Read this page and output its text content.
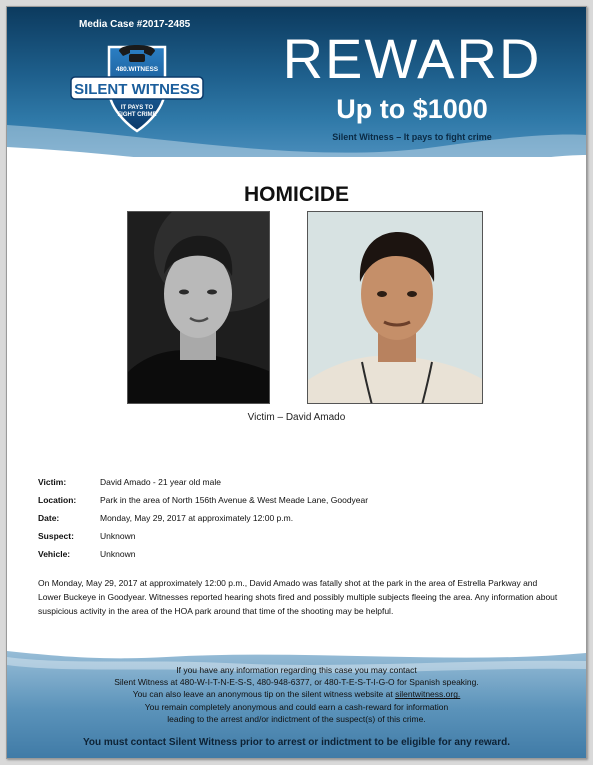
Media Case #2017-2485
480.WITNESS
SILENT WITNESS
IT PAYS TO
FIGHT CRIME
REWARD
Up to $1000
Silent Witness – It pays to fight crime
HOMICIDE
Victim – David Amado
Victim:	David Amado - 21 year old male
Location:	Park in the area of North 156th Avenue & West Meade Lane, Goodyear
Date:	Monday, May 29, 2017 at approximately 12:00 p.m.
Suspect:	Unknown
Vehicle:	Unknown
On Monday, May 29, 2017 at approximately 12:00 p.m., David Amado was fatally shot at the park in the area of Estrella Parkway and Lower Buckeye in Goodyear. Witnesses reported hearing shots fired and possibly multiple subjects fleeing the area. Any information about suspicious activity in the area of the HOA park around that time of the shooting may be helpful.
If you have any information regarding this case you may contact
Silent Witness at 480-W-I-T-N-E-S-S, 480-948-6377, or 480-T-E-S-T-I-G-O for Spanish speaking.
You can also leave an anonymous tip on the silent witness website at silentwitness.org.
You remain completely anonymous and could earn a cash-reward for information
leading to the arrest and/or indictment of the suspect(s) of this crime.
You must contact Silent Witness prior to arrest or indictment to be eligible for any reward.
